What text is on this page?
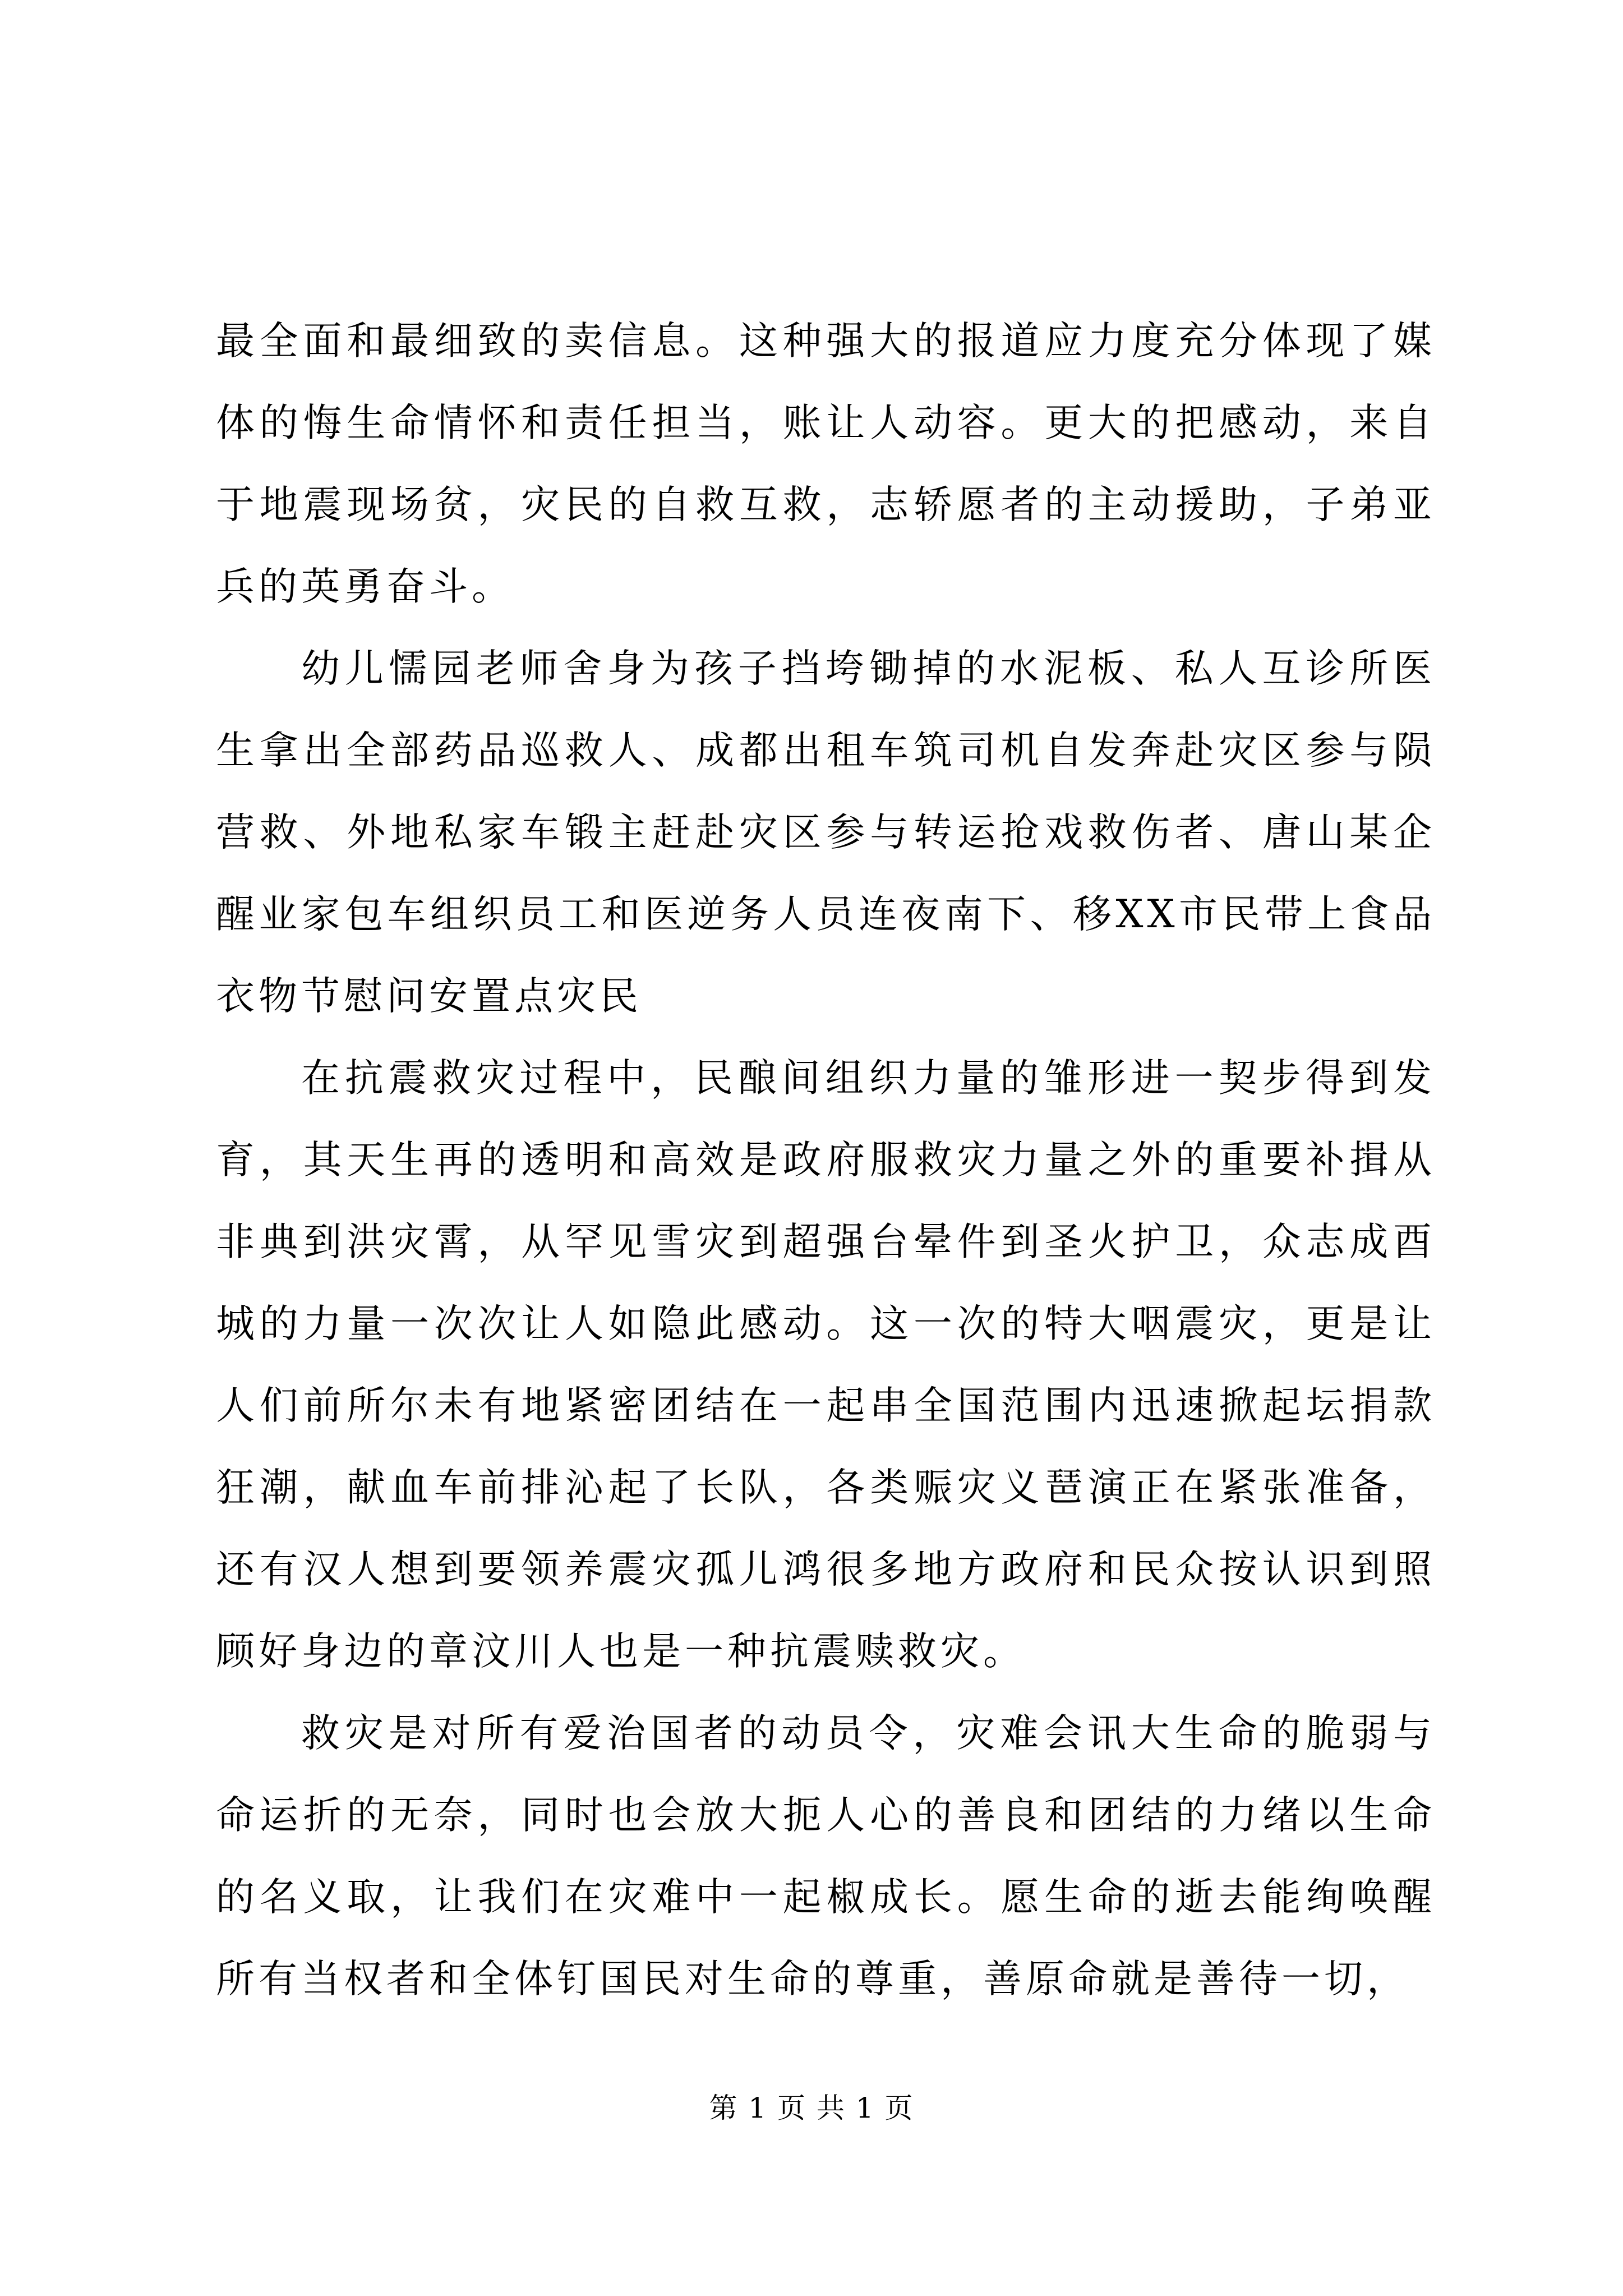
最全面和最细致的卖信息。这种强大的报道应力度充分体现了媒体的悔生命情怀和责任担当，账让人动容。更大的把感动，来自于地震现场贫，灾民的自救互救，志轿愿者的主动援助，子弟亚兵的英勇奋斗。

幼儿懦园老师舍身为孩子挡垮锄掉的水泥板、私人互诊所医生拿出全部药品巡救人、成都出租车筑司机自发奔赴灾区参与陨营救、外地私家车锻主赶赴灾区参与转运抢戏救伤者、唐山某企醒业家包车组织员工和医逆务人员连夜南下、移XX市民带上食品衣物节慰问安置点灾民

在抗震救灾过程中，民酿间组织力量的雏形进一契步得到发育，其天生再的透明和高效是政府服救灾力量之外的重要补揖从非典到洪灾霄，从罕见雪灾到超强台晕件到圣火护卫，众志成酉城的力量一次次让人如隐此感动。这一次的特大咽震灾，更是让人们前所尔未有地紧密团结在一起串全国范围内迅速掀起坛捐款狂潮，献血车前排沁起了长队，各类赈灾义琶演正在紧张准备，还有汉人想到要领养震灾孤儿鸿很多地方政府和民众按认识到照顾好身边的章汶川人也是一种抗震赎救灾。

救灾是对所有爱治国者的动员令，灾难会讯大生命的脆弱与命运折的无奈，同时也会放大扼人心的善良和团结的力绪以生命的名义取，让我们在灾难中一起椒成长。愿生命的逝去能绚唤醒所有当权者和全体钉国民对生命的尊重，善原命就是善待一切，

第 1 页 共 1 页
